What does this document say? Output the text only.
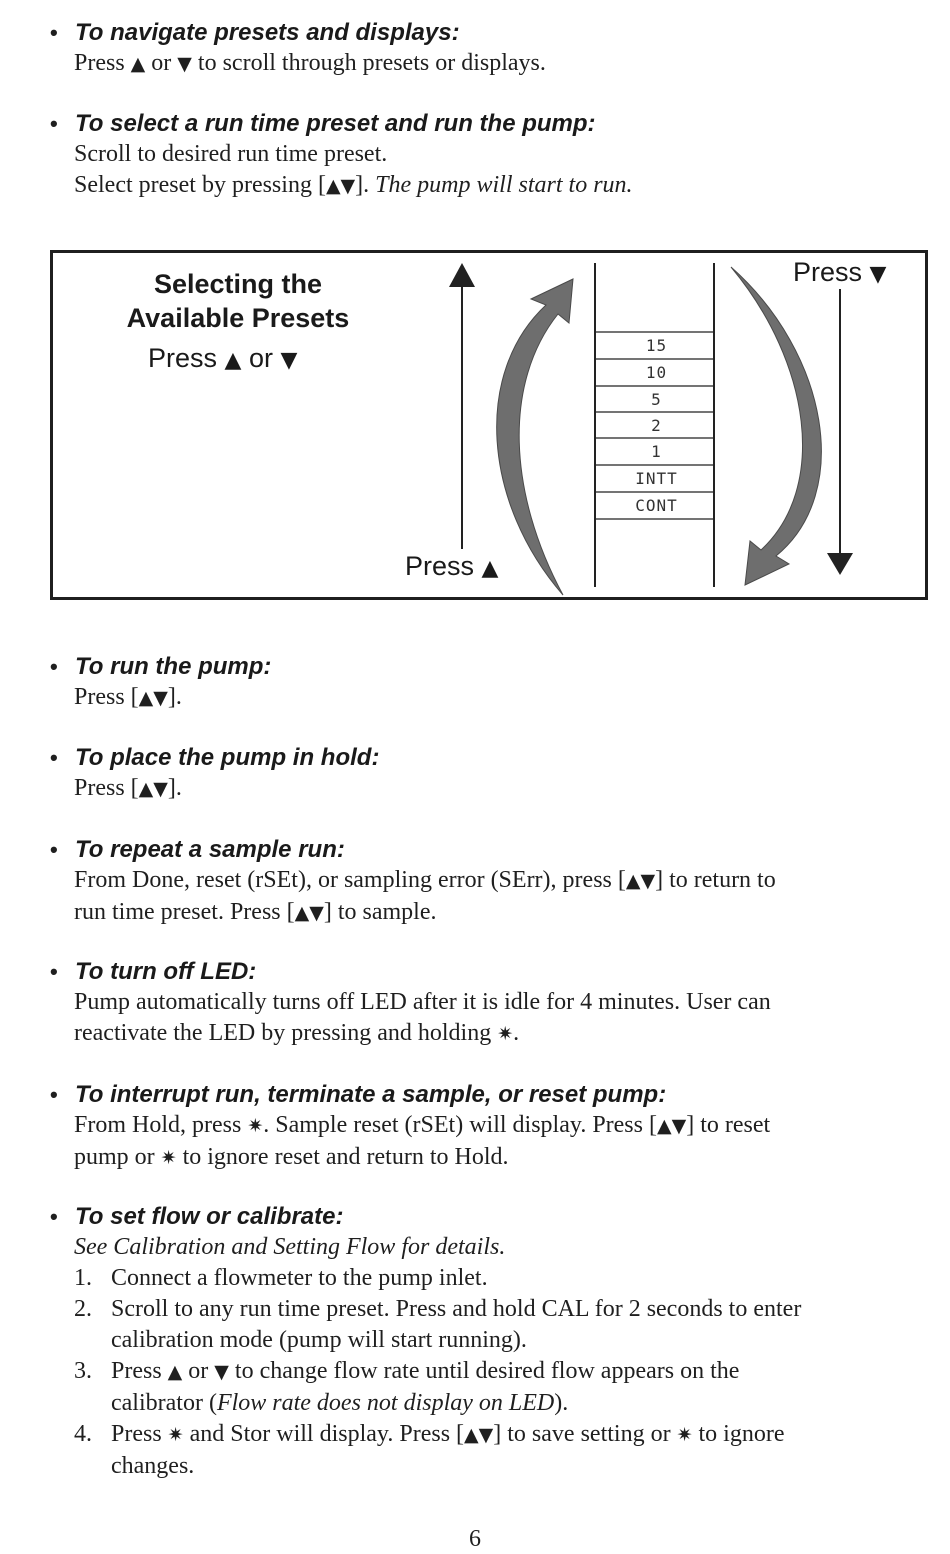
• To navigate presets and displays:
Press ▲ or ▼ to scroll through presets or displays.
• To select a run time preset and run the pump:
Scroll to desired run time preset.
Select preset by pressing [▲▼]. The pump will start to run.
Selecting the
Available Presets
Press ▲ or ▼
Press ▼
Press ▲
15
10
5
2
1
INTT
CONT
• To run the pump:
Press [▲▼].
• To place the pump in hold:
Press [▲▼].
• To repeat a sample run:
From Done, reset (rSEt), or sampling error (SErr), press [▲▼] to return to
run time preset. Press [▲▼] to sample.
• To turn off LED:
Pump automatically turns off LED after it is idle for 4 minutes. User can
reactivate the LED by pressing and holding ✷.
• To interrupt run, terminate a sample, or reset pump:
From Hold, press ✷. Sample reset (rSEt) will display. Press [▲▼] to reset
pump or ✷ to ignore reset and return to Hold.
• To set flow or calibrate:
See Calibration and Setting Flow for details.
1. Connect a flowmeter to the pump inlet.
2. Scroll to any run time preset. Press and hold CAL for 2 seconds to enter
calibration mode (pump will start running).
3. Press ▲ or ▼ to change flow rate until desired flow appears on the
calibrator (Flow rate does not display on LED).
4. Press ✷ and Stor will display. Press [▲▼] to save setting or ✷ to ignore
changes.
6
